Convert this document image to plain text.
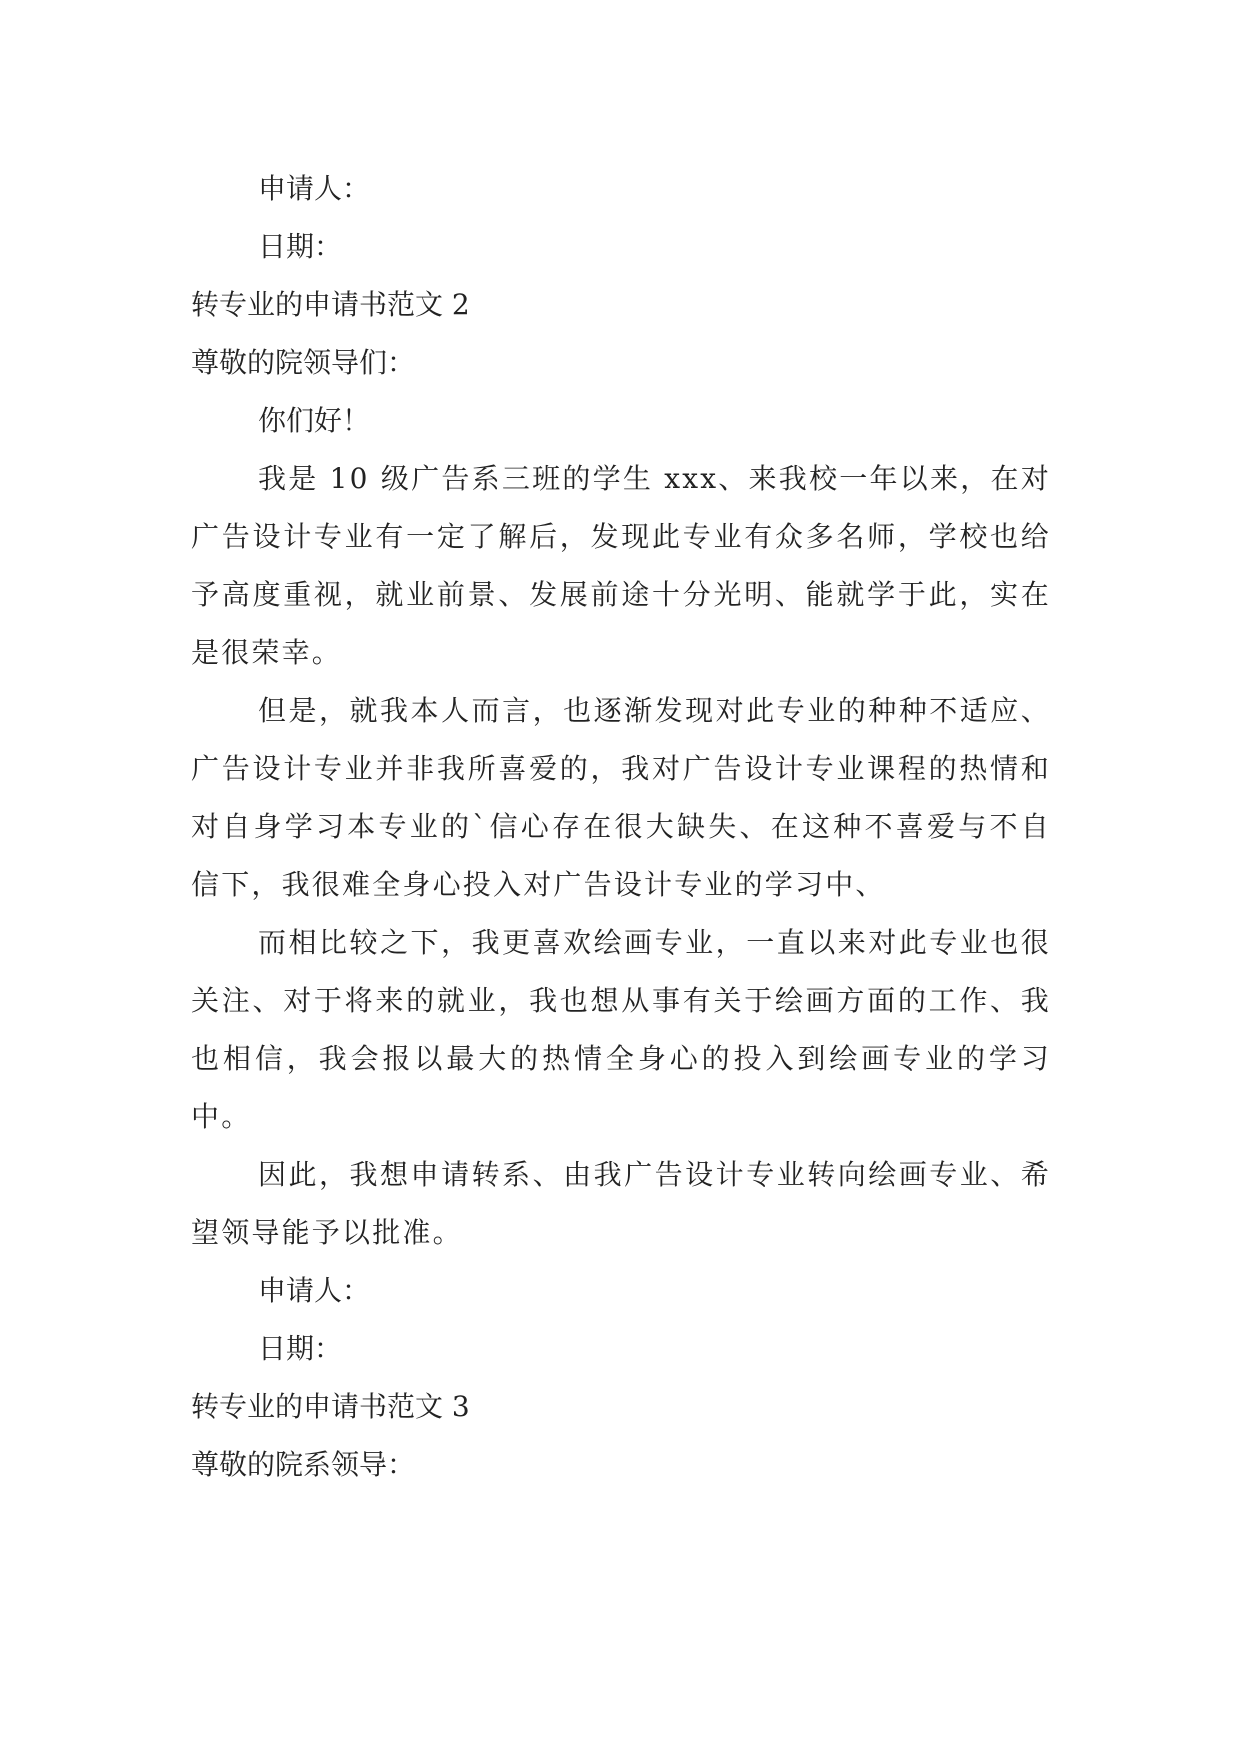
申请人：
日期：
转专业的申请书范文 2
尊敬的院领导们：
你们好！

我是 10 级广告系三班的学生 xxx、来我校一年以来，在对广告设计专业有一定了解后，发现此专业有众多名师，学校也给予高度重视，就业前景、发展前途十分光明、能就学于此，实在是很荣幸。

但是，就我本人而言，也逐渐发现对此专业的种种不适应、广告设计专业并非我所喜爱的，我对广告设计专业课程的热情和对自身学习本专业的`信心存在很大缺失、在这种不喜爱与不自信下，我很难全身心投入对广告设计专业的学习中、

而相比较之下，我更喜欢绘画专业，一直以来对此专业也很关注、对于将来的就业，我也想从事有关于绘画方面的工作、我也相信，我会报以最大的热情全身心的投入到绘画专业的学习中。

因此，我想申请转系、由我广告设计专业转向绘画专业、希望领导能予以批准。

申请人：
日期：
转专业的申请书范文 3
尊敬的院系领导：
